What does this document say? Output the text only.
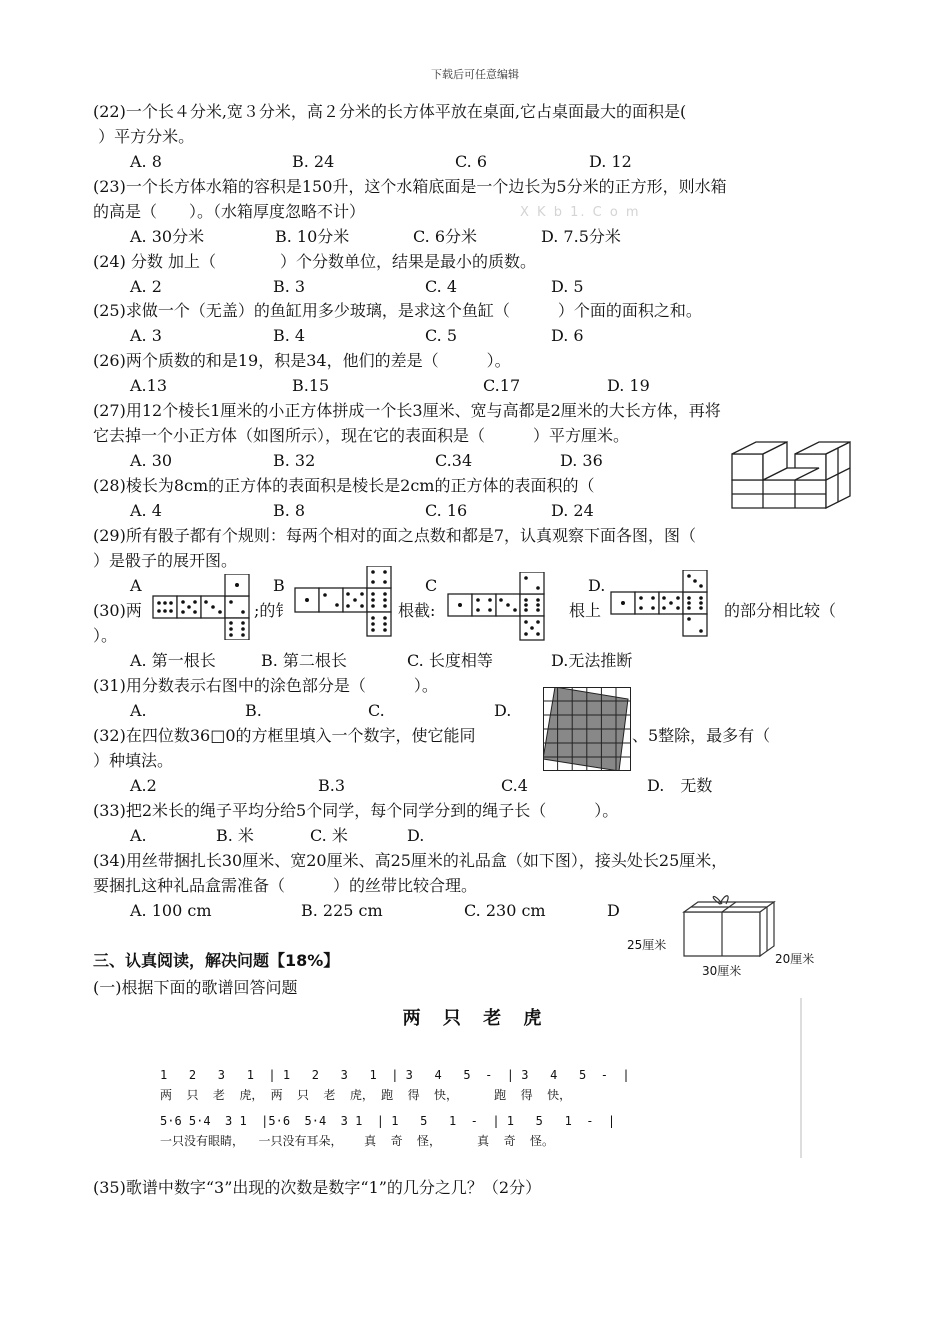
下载后可任意编辑
X K b 1. C o m
(22)一个长４分米,宽３分米，高２分米的长方体平放在桌面,它占桌面最大的面积是(
）平方分米。
A. 8	B. 24	C. 6	D. 12
(23)一个长方体水箱的容积是150升，这个水箱底面是一个边长为5分米的正方形，则水箱
的高是（　　）。（水箱厚度忽略不计）
A. 30分米	B. 10分米	C. 6分米	D. 7.5分米
(24) 分数 加上（　　　　）个分数单位，结果是最小的质数。
A. 2	B. 3	C. 4	D. 5
(25)求做一个（无盖）的鱼缸用多少玻璃，是求这个鱼缸（　　　）个面的面积之和。
A. 3	B. 4	C. 5	D. 6
(26)两个质数的和是19，积是34，他们的差是（　　　）。
A.13	B.15	C.17	D. 19
(27)用12个棱长1厘米的小正方体拼成一个长3厘米、宽与高都是2厘米的大长方体，再将
它去掉一个小正方体（如图所示），现在它的表面积是（　　　）平方厘米。
A. 30	B. 32	C.34	D. 36
(28)棱长为8cm的正方体的表面积是棱长是2cm的正方体的表面积的（
A. 4	B. 8	C. 16	D. 24
(29)所有骰子都有个规则：每两个相对的面之点数和都是7，认真观察下面各图，图（
）是骰子的展开图。
A	B	C	D.
(30)两	;的钅	根截:	根上	的部分相比较（
）。
A. 第一根长	B. 第二根长	C. 长度相等	D.无法推断
(31)用分数表示右图中的涂色部分是（　　　）。
A.	B.	C.	D.
(32)在四位数36□0的方框里填入一个数字，使它能同	、5整除，最多有（
）种填法。
A.2	B.3	C.4	D.　无数
(33)把2米长的绳子平均分给5个同学，每个同学分到的绳子长（　　　）。
A.	B. 米	C. 米	D.
(34)用丝带捆扎长30厘米、宽20厘米、高25厘米的礼品盒（如下图），接头处长25厘米，
要捆扎这种礼品盒需准备（　　　）的丝带比较合理。
A. 100 cm	B. 225 cm	C. 230 cm	D
25厘米
30厘米
20厘米
三、认真阅读，解决问题【18%】
(一)根据下面的歌谱回答问题
两 只 老 虎
1   2   3   1  | 1   2   3   1  | 3   4   5  -  | 3   4   5  -  |
两  只  老  虎， 两  只  老  虎， 跑  得  快，     跑  得  快，
5·6 5·4  3 1  |5·6  5·4  3 1  | 1   5   1  -  | 1   5   1  -  |
一只没有眼睛，  一只没有耳朵，   真  奇  怪，     真  奇  怪。
(35)歌谱中数字“3”出现的次数是数字“1”的几分之几？（2分）
